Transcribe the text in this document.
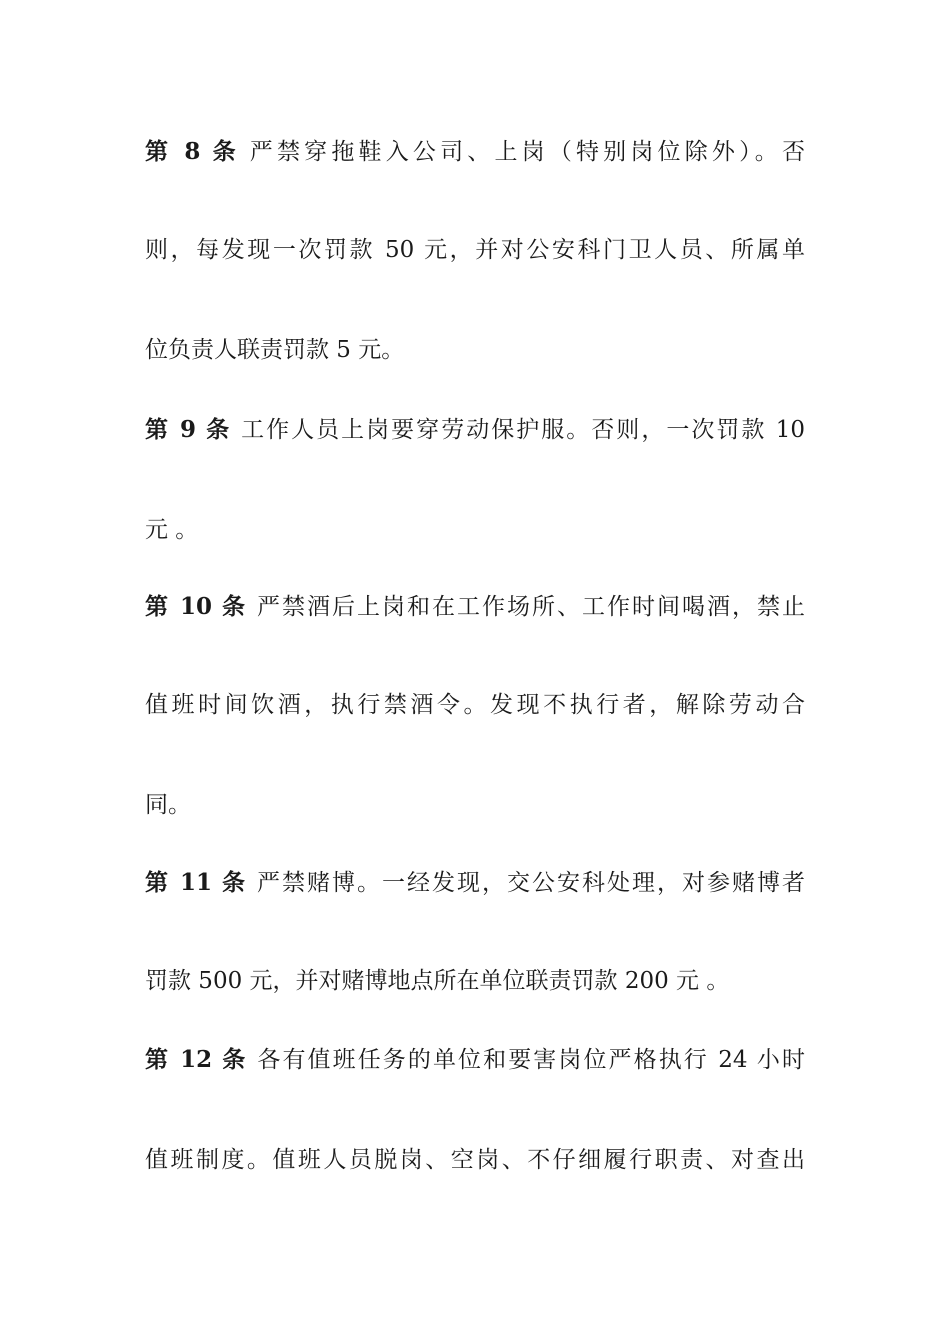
第 8 条 严禁穿拖鞋入公司、上岗（特别岗位除外）。否
则，每发现一次罚款 50 元，并对公安科门卫人员、所属单
位负责人联责罚款 5 元。
第 9 条 工作人员上岗要穿劳动保护服。否则，一次罚款 10
元 。
第 10 条 严禁酒后上岗和在工作场所、工作时间喝酒，禁止
值班时间饮酒，执行禁酒令。发现不执行者，解除劳动合
同。
第 11 条 严禁赌博。一经发现，交公安科处理，对参赌博者
罚款 500 元，并对赌博地点所在单位联责罚款 200 元 。
第 12 条 各有值班任务的单位和要害岗位严格执行 24 小时
值班制度。值班人员脱岗、空岗、不仔细履行职责、对查出
